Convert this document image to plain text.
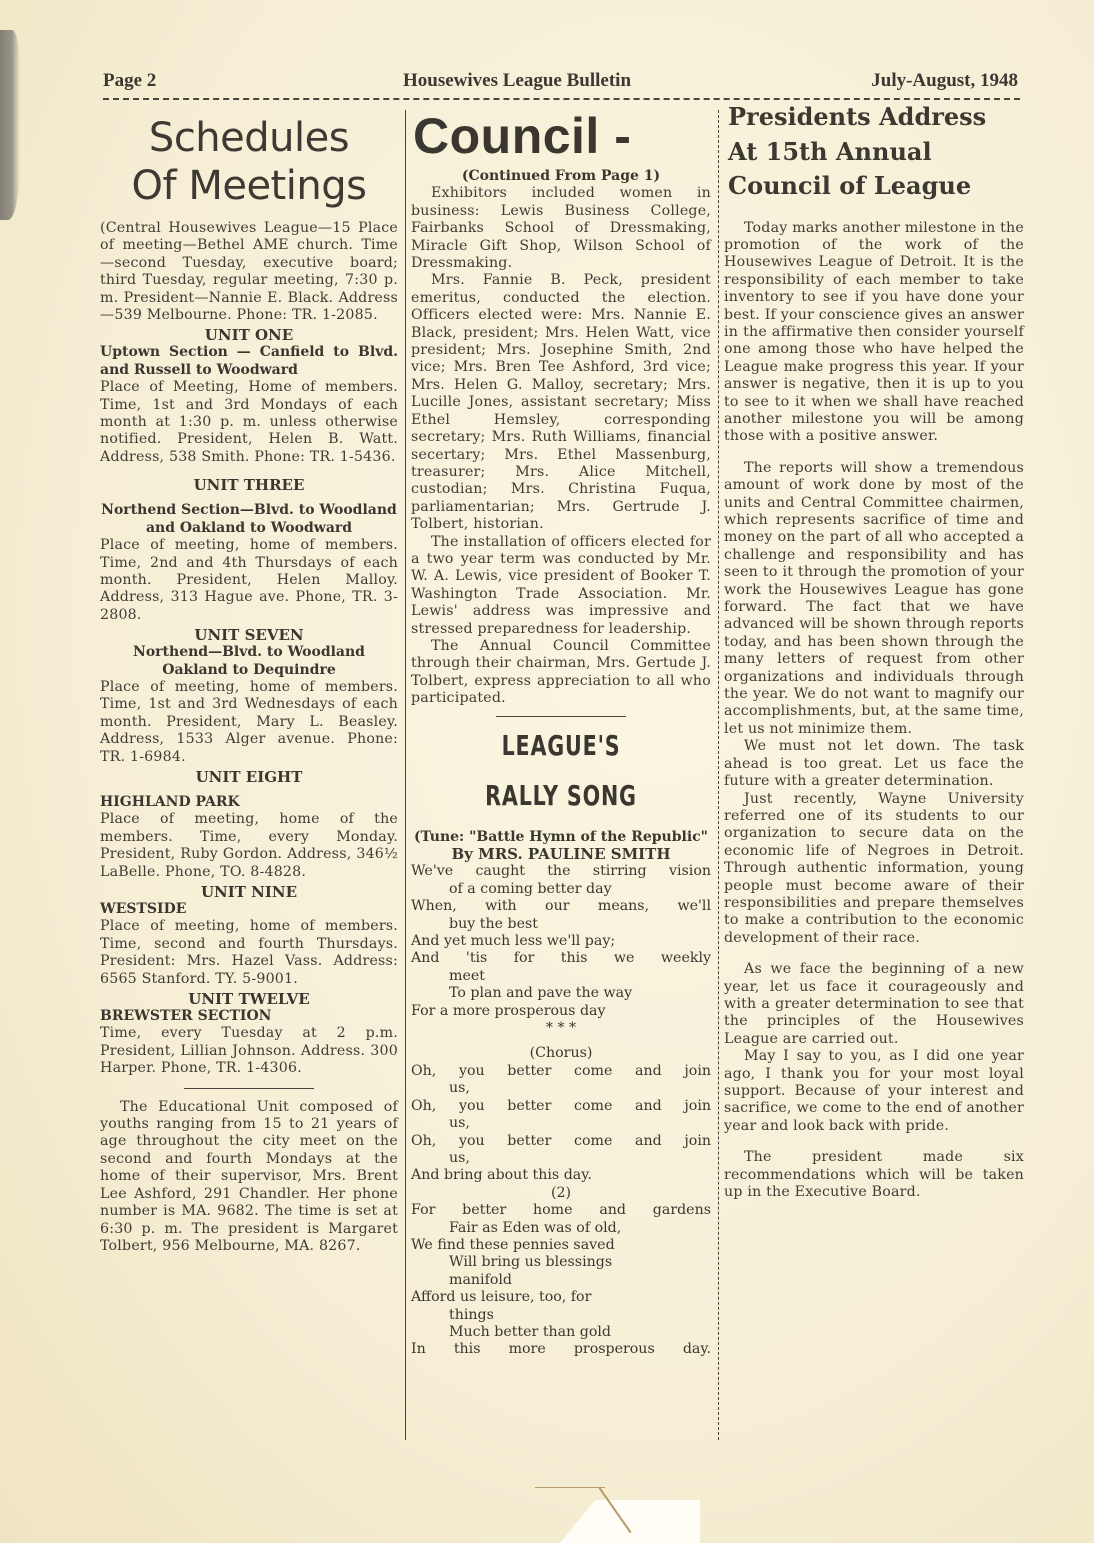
Page 2	Housewives League Bulletin	July-August, 1948
Schedules
Of Meetings

(Central Housewives League—15 Place of meeting—Bethel AME church. Time—second Tuesday, executive board; third Tuesday, regular meeting, 7:30 p. m. President—Nannie E. Black. Address —539 Melbourne. Phone: TR. 1-2085.

UNIT ONE

Uptown Section — Canfield to Blvd. and Russell to Woodward

Place of Meeting, Home of members. Time, 1st and 3rd Mondays of each month at 1:30 p. m. unless otherwise notified. President, Helen B. Watt. Address, 538 Smith. Phone: TR. 1-5436.

UNIT THREE

Northend Section—Blvd. to Woodland and Oakland to Woodward

Place of meeting, home of members. Time, 2nd and 4th Thursdays of each month. President, Helen Malloy. Address, 313 Hague ave. Phone, TR. 3-2808.

UNIT SEVEN

Northend—Blvd. to Woodland Oakland to Dequindre

Place of meeting, home of members. Time, 1st and 3rd Wednesdays of each month. President, Mary L. Beasley. Address, 1533 Alger avenue. Phone: TR. 1-6984.

UNIT EIGHT

HIGHLAND PARK

Place of meeting, home of the members. Time, every Monday. President, Ruby Gordon. Address, 346½ LaBelle. Phone, TO. 8-4828.

UNIT NINE

WESTSIDE

Place of meeting, home of members. Time, second and fourth Thursdays. President: Mrs. Hazel Vass. Address: 6565 Stanford. TY. 5-9001.

UNIT TWELVE

BREWSTER SECTION

Time, every Tuesday at 2 p.m. President, Lillian Johnson. Address. 300 Harper. Phone, TR. 1-4306.

The Educational Unit composed of youths ranging from 15 to 21 years of age throughout the city meet on the second and fourth Mondays at the home of their supervisor, Mrs. Brent Lee Ashford, 291 Chandler. Her phone number is MA. 9682. The time is set at 6:30 p. m. The president is Margaret Tolbert, 956 Melbourne, MA. 8267.

Council -

(Continued From Page 1)

Exhibitors included women in business: Lewis Business College, Fairbanks School of Dressmaking, Miracle Gift Shop, Wilson School of Dressmaking.

Mrs. Fannie B. Peck, president emeritus, conducted the election. Officers elected were: Mrs. Nannie E. Black, president; Mrs. Helen Watt, vice president; Mrs. Josephine Smith, 2nd vice; Mrs. Bren Tee Ashford, 3rd vice; Mrs. Helen G. Malloy, secretary; Mrs. Lucille Jones, assistant secretary; Miss Ethel Hemsley, corresponding secretary; Mrs. Ruth Williams, financial secertary; Mrs. Ethel Massenburg, treasurer; Mrs. Alice Mitchell, custodian; Mrs. Christina Fuqua, parliamentarian; Mrs. Gertrude J. Tolbert, historian.

The installation of officers elected for a two year term was conducted by Mr. W. A. Lewis, vice president of Booker T. Washington Trade Association. Mr. Lewis' address was impressive and stressed preparedness for leadership.

The Annual Council Committee through their chairman, Mrs. Gertude J. Tolbert, express appreciation to all who participated.

LEAGUE'S
RALLY SONG

(Tune: "Battle Hymn of the Republic"

By MRS. PAULINE SMITH

We've caught the stirring vision

of a coming better day

When, with our means, we'll

buy the best

And yet much less we'll pay;

And 'tis for this we weekly

meet

To plan and pave the way

For a more prosperous day

* * *

(Chorus)

Oh, you better come and join

us,

Oh, you better come and join

us,

Oh, you better come and join

us,

And bring about this day.

(2)

For better home and gardens

Fair as Eden was of old,

We find these pennies saved

Will bring us blessings

manifold

Afford us leisure, too, for

things

Much better than gold

In this more prosperous day.

Presidents Address
At 15th Annual
Council of League

Today marks another milestone in the promotion of the work of the Housewives League of Detroit. It is the responsibility of each member to take inventory to see if you have done your best. If your conscience gives an answer in the affirmative then consider yourself one among those who have helped the League make progress this year. If your answer is negative, then it is up to you to see to it when we shall have reached another milestone you will be among those with a positive answer.

The reports will show a tremendous amount of work done by most of the units and Central Committee chairmen, which represents sacrifice of time and money on the part of all who accepted a challenge and responsibility and has seen to it through the promotion of your work the Housewives League has gone forward. The fact that we have advanced will be shown through reports today, and has been shown through the many letters of request from other organizations and individuals through the year. We do not want to magnify our accomplishments, but, at the same time, let us not minimize them.

We must not let down. The task ahead is too great. Let us face the future with a greater determination.

Just recently, Wayne University referred one of its students to our organization to secure data on the economic life of Negroes in Detroit. Through authentic information, young people must become aware of their responsibilities and prepare themselves to make a contribution to the economic development of their race.

As we face the beginning of a new year, let us face it courageously and with a greater determination to see that the principles of the Housewives League are carried out.

May I say to you, as I did one year ago, I thank you for your most loyal support. Because of your interest and sacrifice, we come to the end of another year and look back with pride.

The president made six recommendations which will be taken up in the Executive Board.
